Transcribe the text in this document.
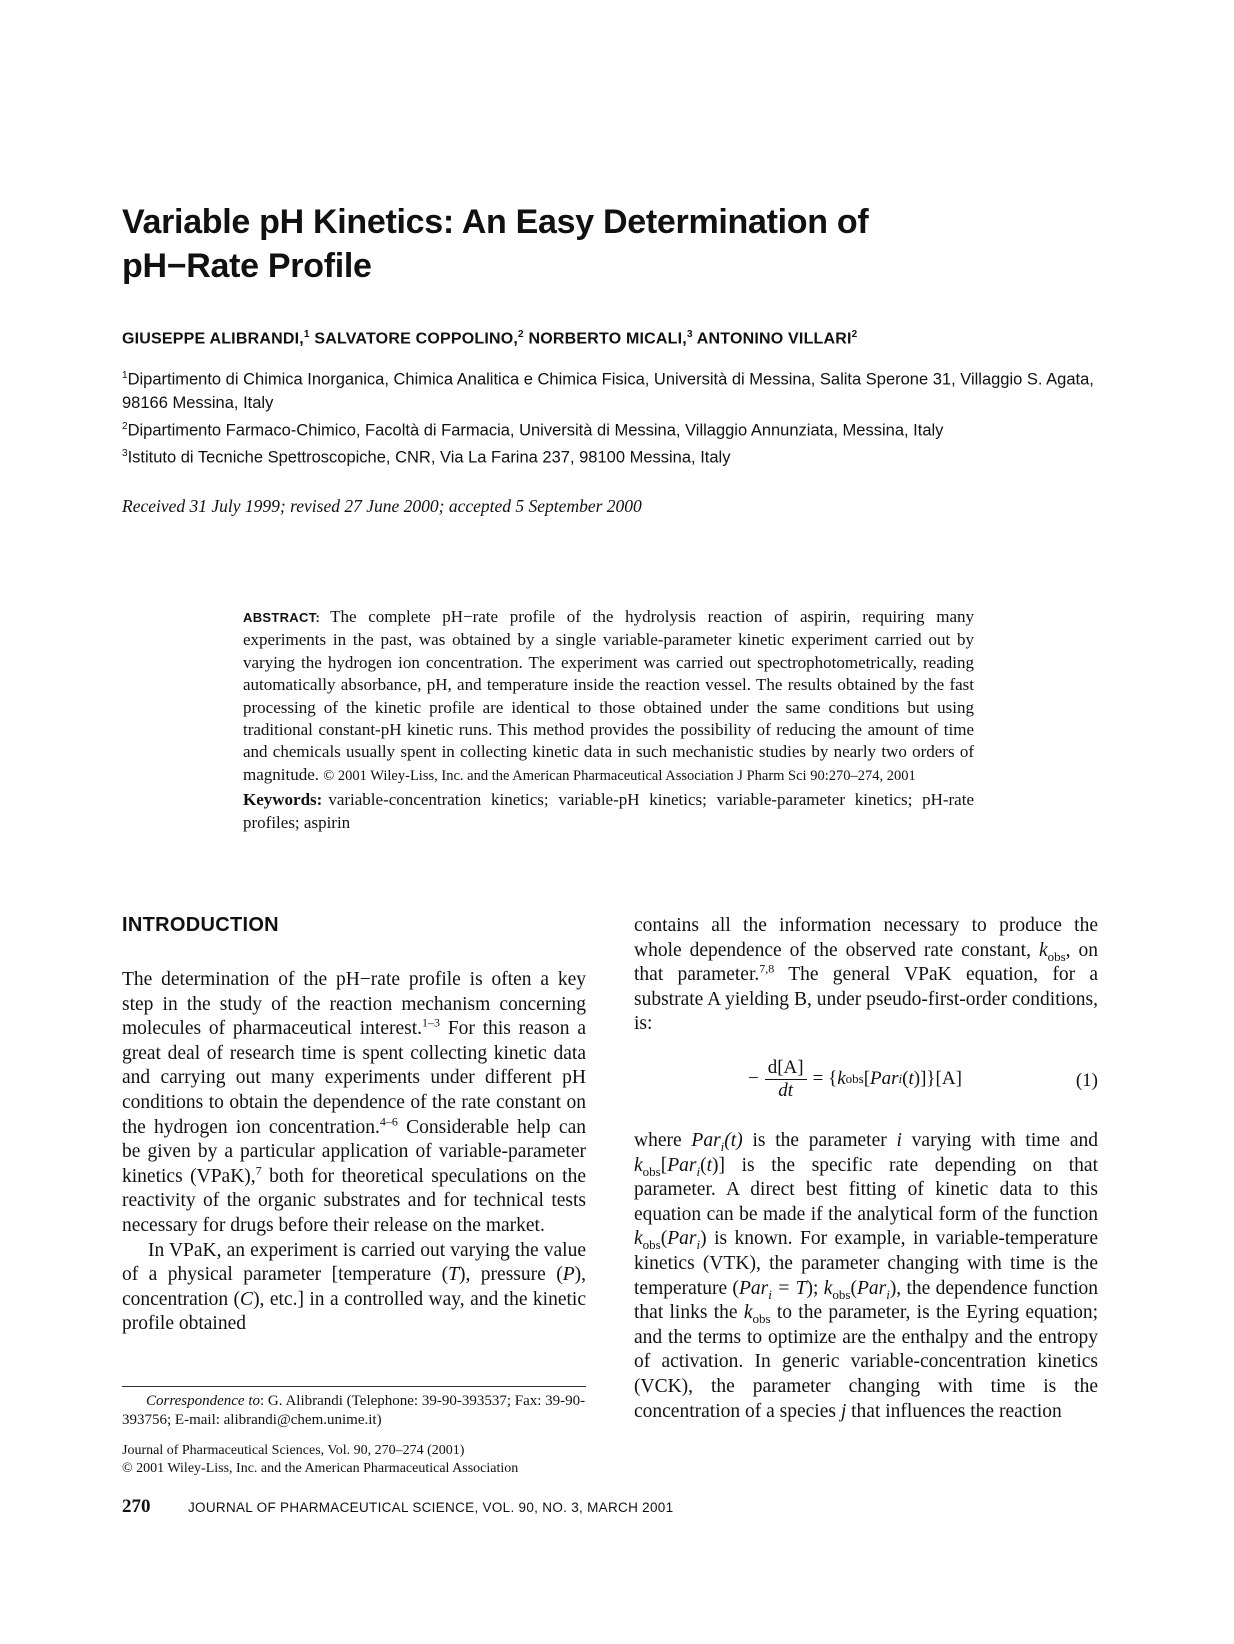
Variable pH Kinetics: An Easy Determination of
pH−Rate Profile
GIUSEPPE ALIBRANDI,$^1$ SALVATORE COPPOLINO,$^2$ NORBERTO MICALI,$^3$ ANTONINO VILLARI$^2$
$^1$Dipartimento di Chimica Inorganica, Chimica Analitica e Chimica Fisica, Università di Messina, Salita Sperone 31, Villaggio S. Agata, 98166 Messina, Italy
$^2$Dipartimento Farmaco-Chimico, Facoltà di Farmacia, Università di Messina, Villaggio Annunziata, Messina, Italy
$^3$Istituto di Tecniche Spettroscopiche, CNR, Via La Farina 237, 98100 Messina, Italy
Received 31 July 1999; revised 27 June 2000; accepted 5 September 2000
ABSTRACT: The complete pH−rate profile of the hydrolysis reaction of aspirin, requiring many experiments in the past, was obtained by a single variable-parameter kinetic experiment carried out by varying the hydrogen ion concentration. The experiment was carried out spectrophotometrically, reading automatically absorbance, pH, and temperature inside the reaction vessel. The results obtained by the fast processing of the kinetic profile are identical to those obtained under the same conditions but using traditional constant-pH kinetic runs. This method provides the possibility of reducing the amount of time and chemicals usually spent in collecting kinetic data in such mechanistic studies by nearly two orders of magnitude. © 2001 Wiley-Liss, Inc. and the American Pharmaceutical Association J Pharm Sci 90:270–274, 2001
Keywords: variable-concentration kinetics; variable-pH kinetics; variable-parameter kinetics; pH-rate profiles; aspirin
INTRODUCTION

The determination of the pH−rate profile is often a key step in the study of the reaction mechanism concerning molecules of pharmaceutical interest.$^{1-3}$ For this reason a great deal of research time is spent collecting kinetic data and carrying out many experiments under different pH conditions to obtain the dependence of the rate constant on the hydrogen ion concentration.$^{4-6}$ Considerable help can be given by a particular application of variable-parameter kinetics (VPaK),$^7$ both for theoretical speculations on the reactivity of the organic substrates and for technical tests necessary for drugs before their release on the market.

In VPaK, an experiment is carried out varying the value of a physical parameter [temperature (T), pressure (P), concentration (C), etc.] in a controlled way, and the kinetic profile obtained

contains all the information necessary to produce the whole dependence of the observed rate constant, $k_{obs}$, on that parameter.$^{7,8}$ The general VPaK equation, for a substrate A yielding B, under pseudo-first-order conditions, is:

− $\frac{d[A]}{dt}$ = { k obs [ Par i ( t )]}[A]	(1)

where Par$_i$(t) is the parameter i varying with time and $k_{obs}[Par_i(t)]$ is the specific rate depending on that parameter. A direct best fitting of kinetic data to this equation can be made if the analytical form of the function $k_{obs}(Par_i)$ is known. For example, in variable-temperature kinetics (VTK), the parameter changing with time is the temperature (Par$_i$ = T); $k_{obs}(Par_i)$, the dependence function that links the $k_{obs}$ to the parameter, is the Eyring equation; and the terms to optimize are the enthalpy and the entropy of activation. In generic variable-concentration kinetics (VCK), the parameter changing with time is the concentration of a species j that influences the reaction

Correspondence to: G. Alibrandi (Telephone: 39-90-393537; Fax: 39-90-393756; E-mail: alibrandi@chem.unime.it)

Journal of Pharmaceutical Sciences, Vol. 90, 270–274 (2001)

© 2001 Wiley-Liss, Inc. and the American Pharmaceutical Association

270	JOURNAL OF PHARMACEUTICAL SCIENCE, VOL. 90, NO. 3, MARCH 2001
